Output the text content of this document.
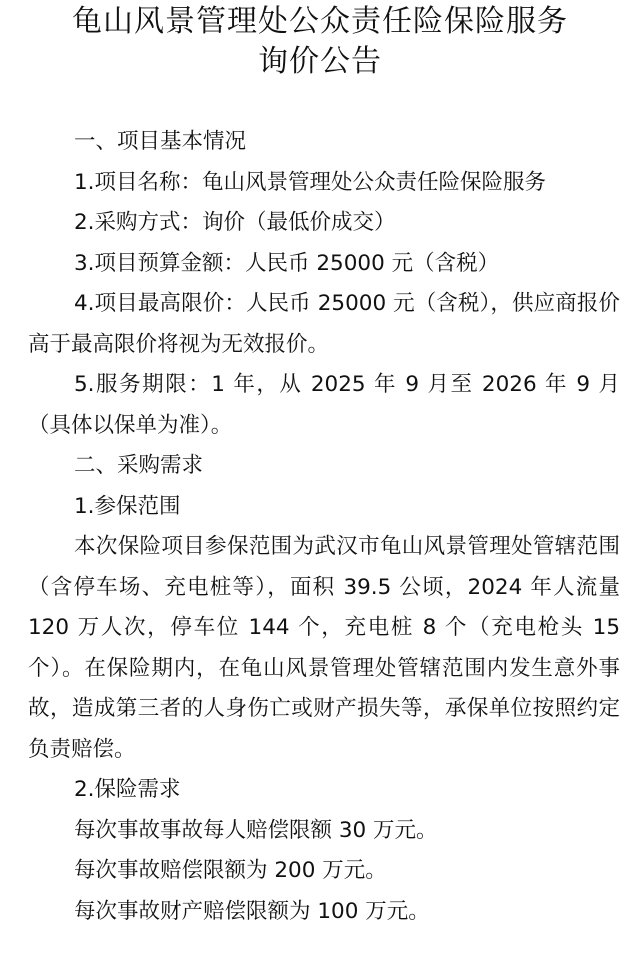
龟山风景管理处公众责任险保险服务
询价公告

一、项目基本情况

1.项目名称：龟山风景管理处公众责任险保险服务

2.采购方式：询价（最低价成交）

3.项目预算金额：人民币 25000 元（含税）

4.项目最高限价：人民币 25000 元（含税），供应商报价高于最高限价将视为无效报价。

5.服务期限：1 年，从 2025 年 9 月至 2026 年 9 月（具体以保单为准）。

二、采购需求

1.参保范围

本次保险项目参保范围为武汉市龟山风景管理处管辖范围（含停车场、充电桩等），面积 39.5 公顷，2024 年人流量 120 万人次，停车位 144 个，充电桩 8 个（充电枪头 15 个）。在保险期内，在龟山风景管理处管辖范围内发生意外事故，造成第三者的人身伤亡或财产损失等，承保单位按照约定负责赔偿。

2.保险需求

每次事故事故每人赔偿限额 30 万元。

每次事故赔偿限额为 200 万元。

每次事故财产赔偿限额为 100 万元。
